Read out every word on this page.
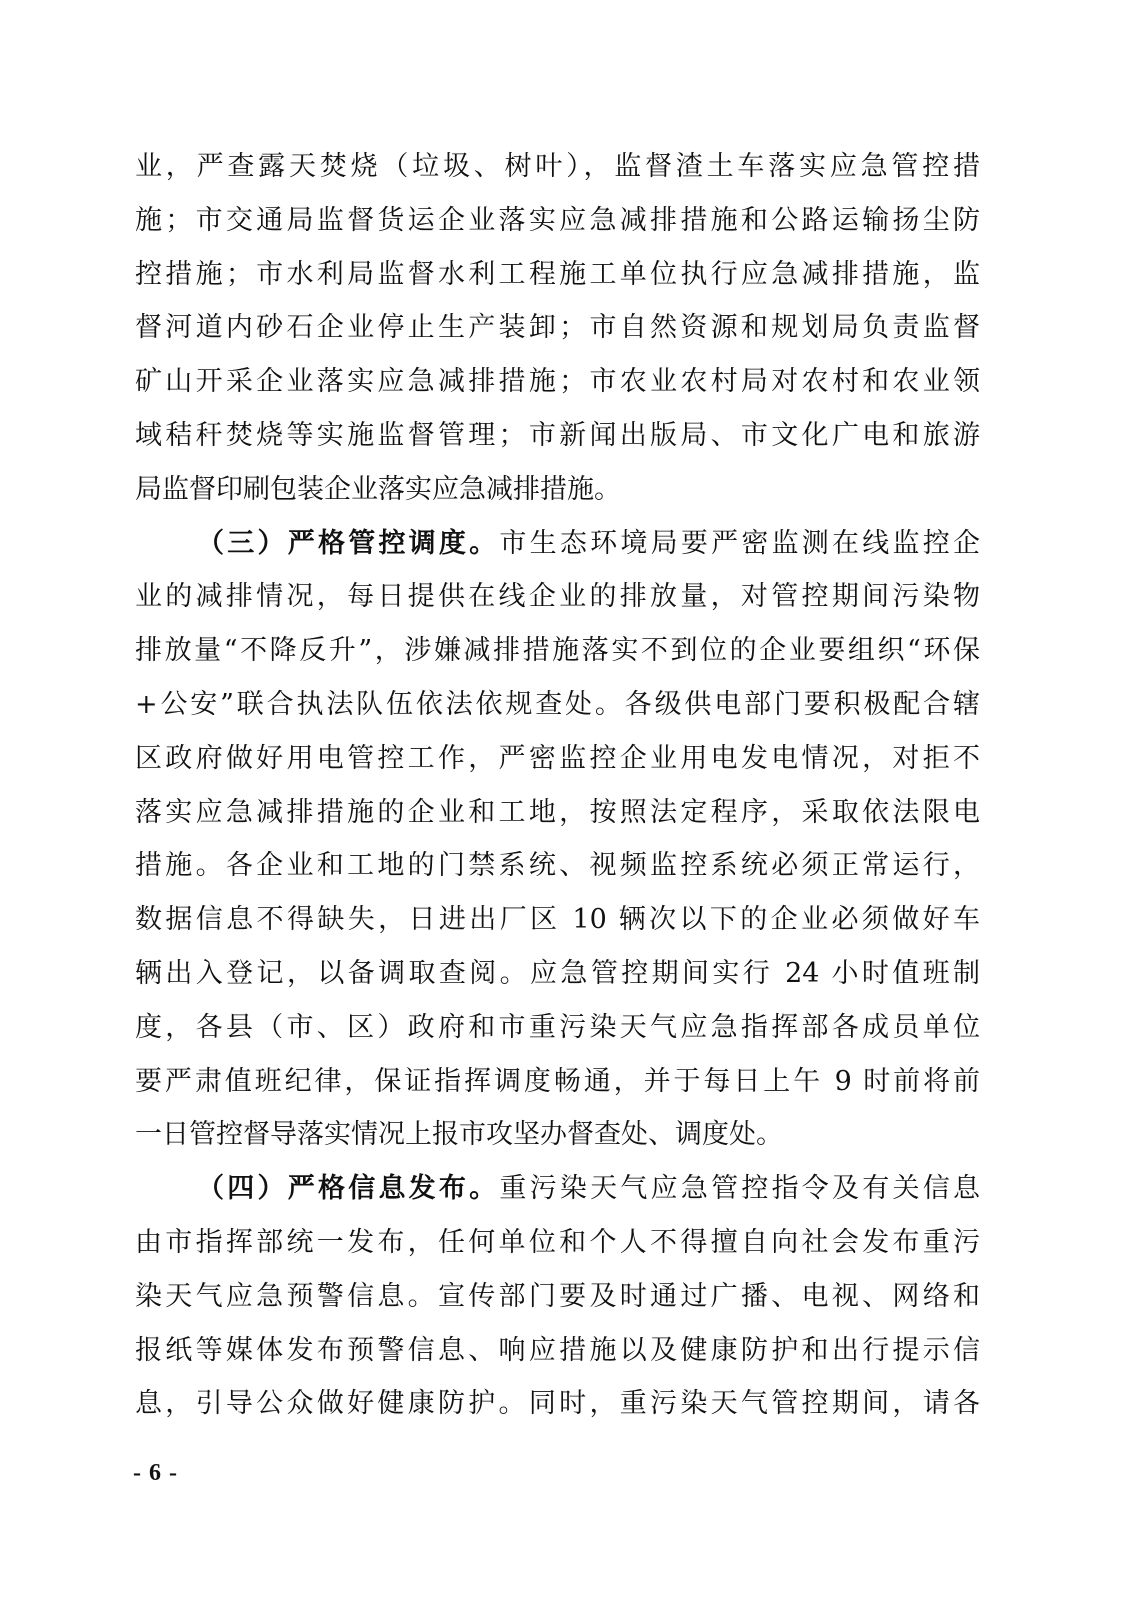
业，严查露天焚烧（垃圾、树叶），监督渣土车落实应急管控措
施；市交通局监督货运企业落实应急减排措施和公路运输扬尘防
控措施；市水利局监督水利工程施工单位执行应急减排措施，监
督河道内砂石企业停止生产装卸；市自然资源和规划局负责监督
矿山开采企业落实应急减排措施；市农业农村局对农村和农业领
域秸秆焚烧等实施监督管理；市新闻出版局、市文化广电和旅游
局监督印刷包装企业落实应急减排措施。
（三）严格管控调度。市生态环境局要严密监测在线监控企
业的减排情况，每日提供在线企业的排放量，对管控期间污染物
排放量“不降反升”，涉嫌减排措施落实不到位的企业要组织“环保
+公安”联合执法队伍依法依规查处。各级供电部门要积极配合辖
区政府做好用电管控工作，严密监控企业用电发电情况，对拒不
落实应急减排措施的企业和工地，按照法定程序，采取依法限电
措施。各企业和工地的门禁系统、视频监控系统必须正常运行，
数据信息不得缺失，日进出厂区 10 辆次以下的企业必须做好车
辆出入登记，以备调取查阅。应急管控期间实行 24 小时值班制
度，各县（市、区）政府和市重污染天气应急指挥部各成员单位
要严肃值班纪律，保证指挥调度畅通，并于每日上午 9 时前将前
一日管控督导落实情况上报市攻坚办督查处、调度处。
（四）严格信息发布。重污染天气应急管控指令及有关信息
由市指挥部统一发布，任何单位和个人不得擅自向社会发布重污
染天气应急预警信息。宣传部门要及时通过广播、电视、网络和
报纸等媒体发布预警信息、响应措施以及健康防护和出行提示信
息，引导公众做好健康防护。同时，重污染天气管控期间，请各
- 6 -
